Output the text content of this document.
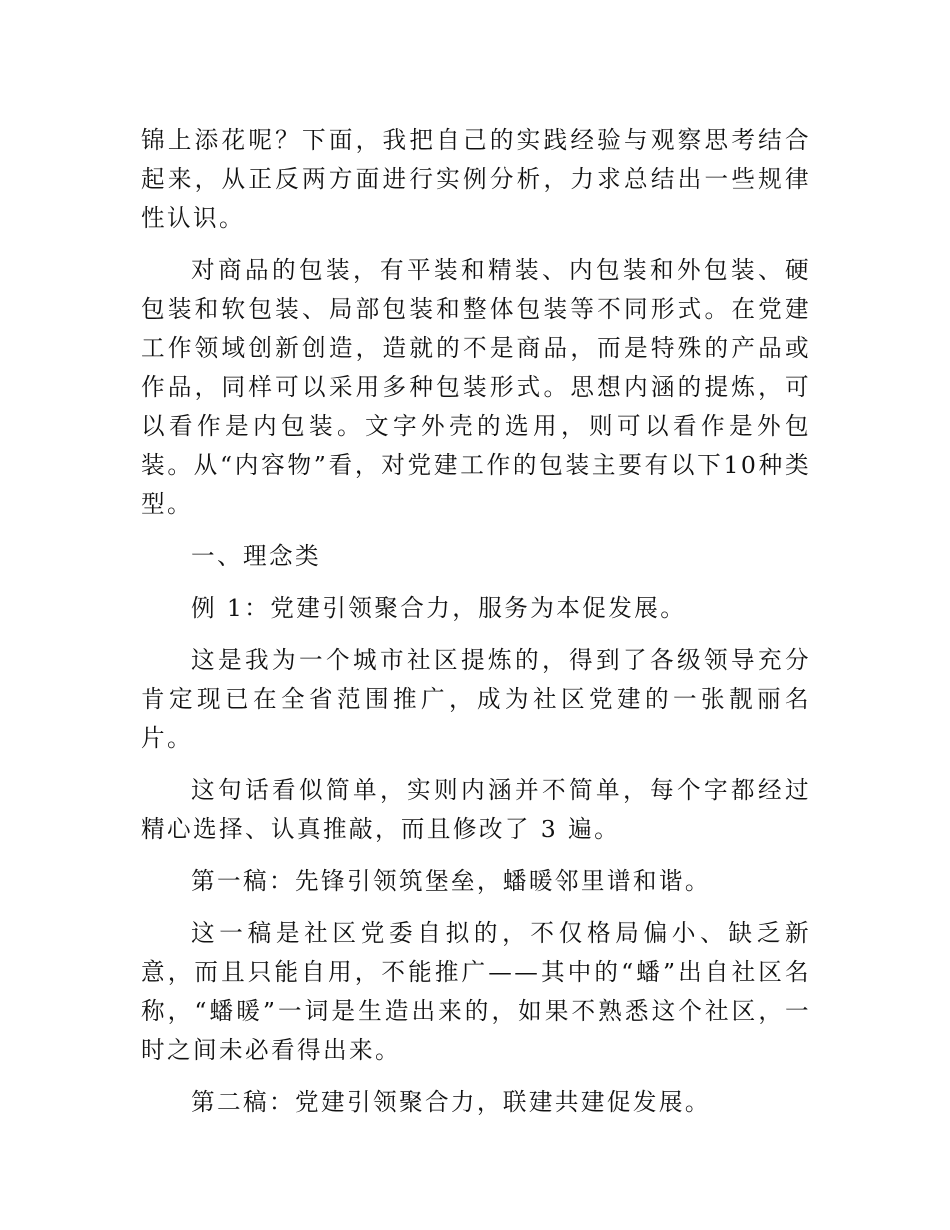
锦上添花呢？下面，我把自己的实践经验与观察思考结合起来，从正反两方面进行实例分析，力求总结出一些规律性认识。

对商品的包装，有平装和精装、内包装和外包装、硬包装和软包装、局部包装和整体包装等不同形式。在党建工作领域创新创造，造就的不是商品，而是特殊的产品或作品，同样可以采用多种包装形式。思想内涵的提炼，可以看作是内包装。文字外壳的选用，则可以看作是外包装。从“内容物”看，对党建工作的包装主要有以下10种类型。

一、理念类

例 1：党建引领聚合力，服务为本促发展。

这是我为一个城市社区提炼的，得到了各级领导充分肯定现已在全省范围推广，成为社区党建的一张靓丽名片。

这句话看似简单，实则内涵并不简单，每个字都经过精心选择、认真推敲，而且修改了 3 遍。

第一稿：先锋引领筑堡垒，蟠暖邻里谱和谐。

这一稿是社区党委自拟的，不仅格局偏小、缺乏新意，而且只能自用，不能推广——其中的“蟠”出自社区名称，“蟠暖”一词是生造出来的，如果不熟悉这个社区，一时之间未必看得出来。

第二稿：党建引领聚合力，联建共建促发展。
